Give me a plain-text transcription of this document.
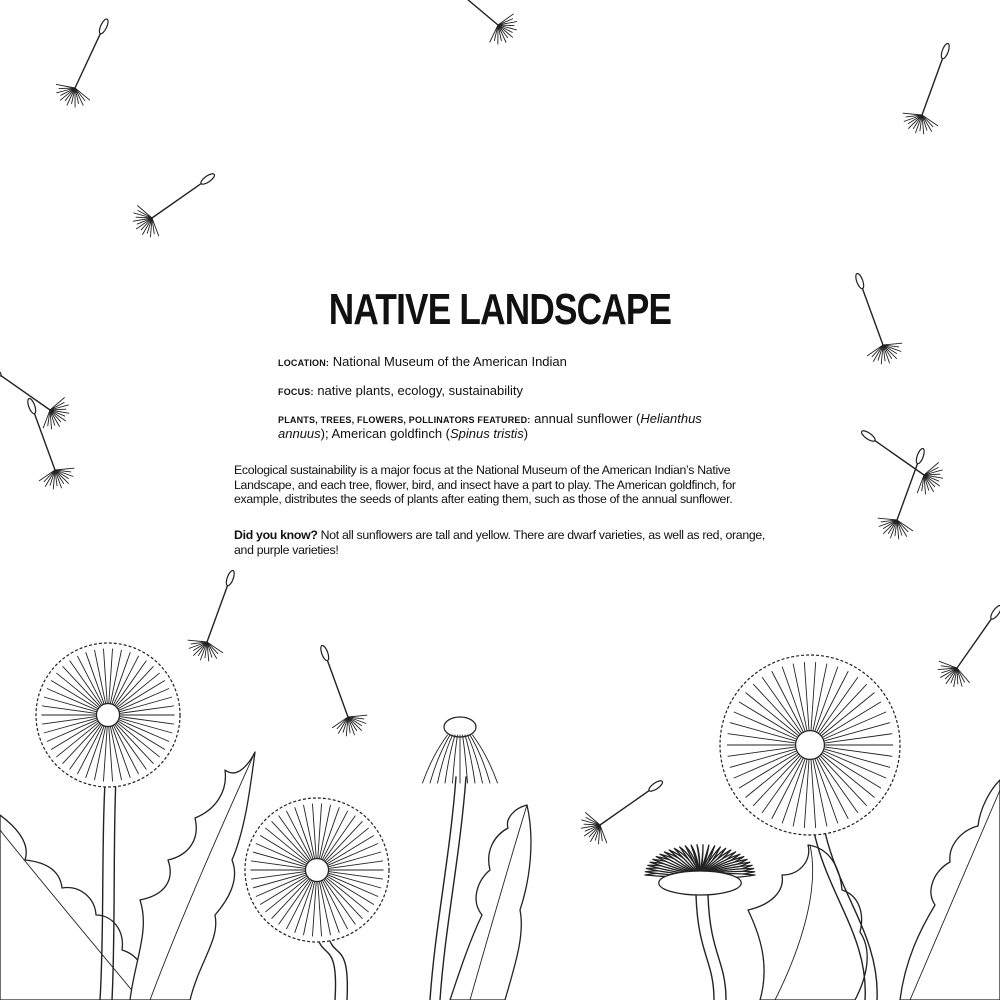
NATIVE LANDSCAPE
LOCATION: National Museum of the American Indian
FOCUS: native plants, ecology, sustainability
PLANTS, TREES, FLOWERS, POLLINATORS FEATURED: annual sunflower (Helianthus annuus); American goldfinch (Spinus tristis)
Ecological sustainability is a major focus at the National Museum of the American Indian’s Native Landscape, and each tree, flower, bird, and insect have a part to play. The American goldfinch, for example, distributes the seeds of plants after eating them, such as those of the annual sunflower.
Did you know? Not all sunflowers are tall and yellow. There are dwarf varieties, as well as red, orange, and purple varieties!
